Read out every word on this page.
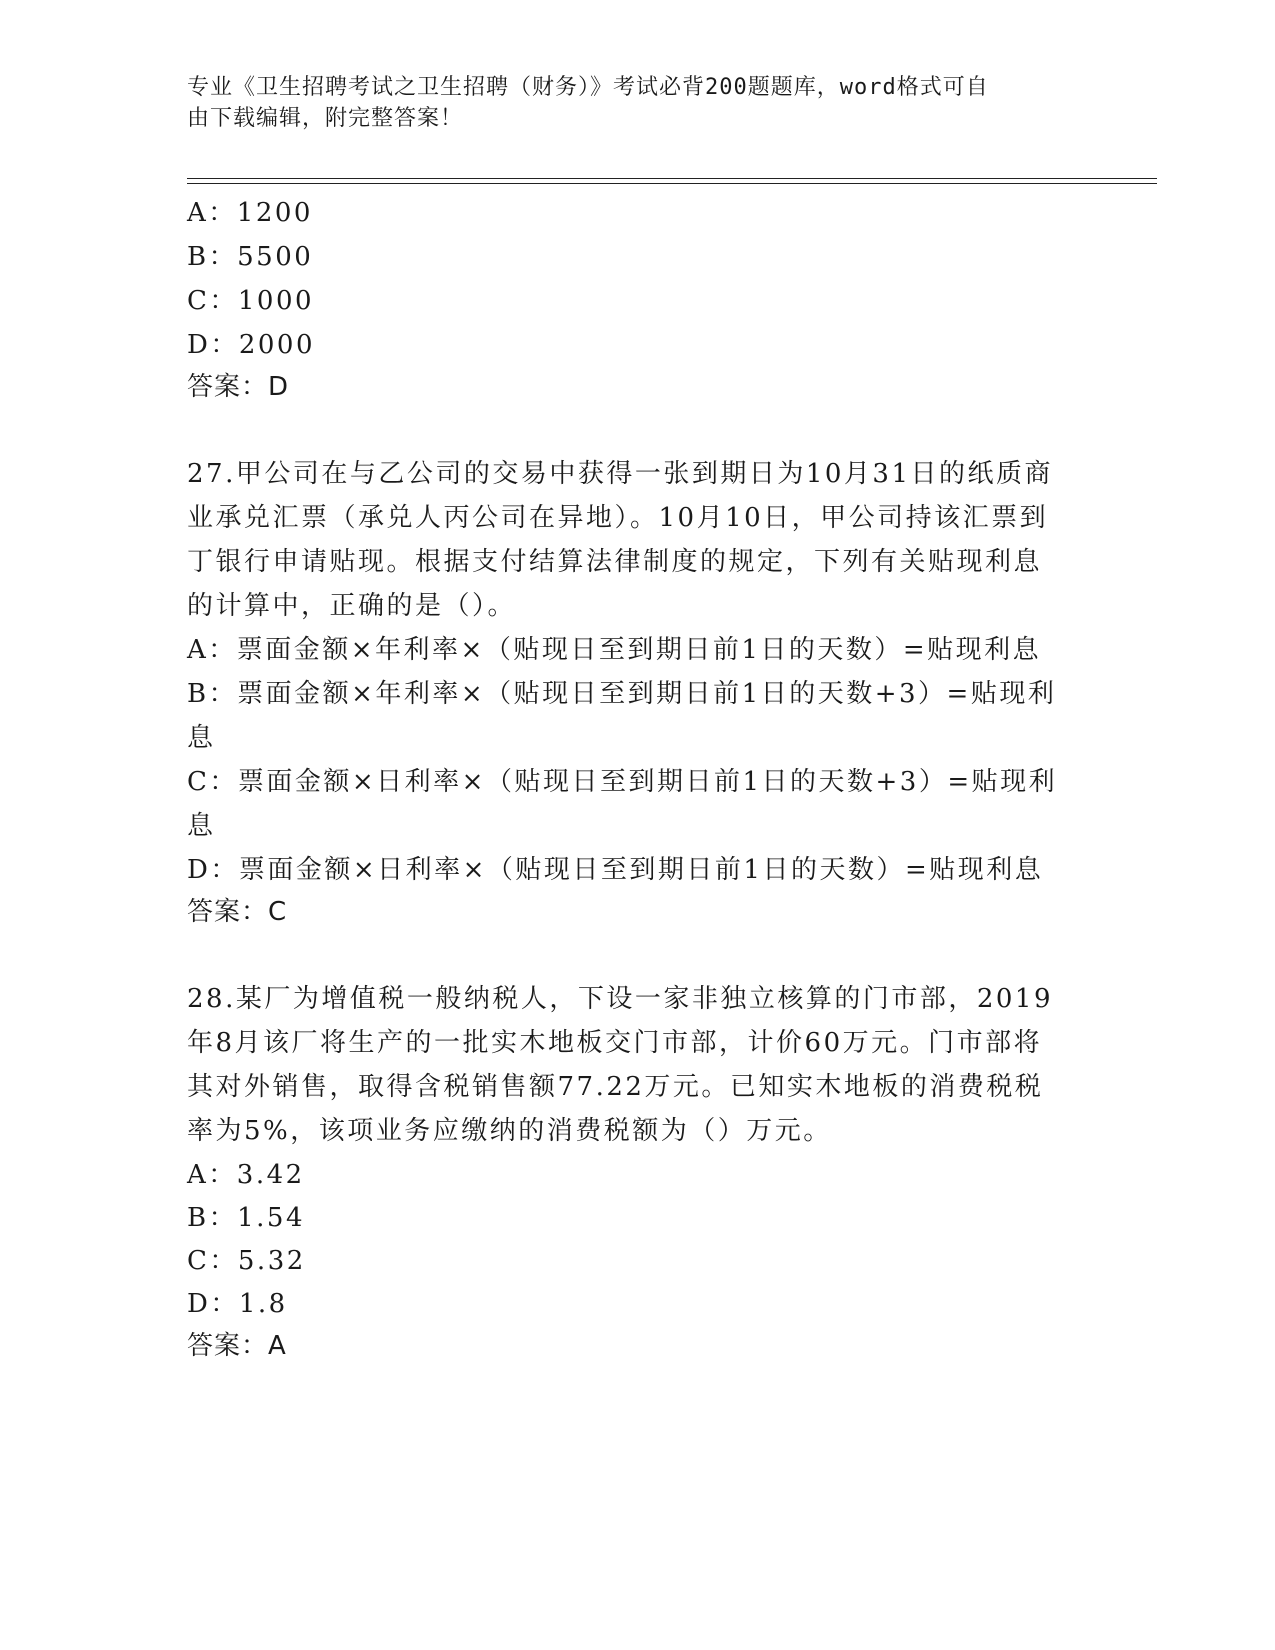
专业《卫生招聘考试之卫生招聘（财务）》考试必背200题题库，word格式可自
由下载编辑，附完整答案！
A：1200
B：5500
C：1000
D：2000
答案：D
27.甲公司在与乙公司的交易中获得一张到期日为10月31日的纸质商
业承兑汇票（承兑人丙公司在异地）。10月10日，甲公司持该汇票到
丁银行申请贴现。根据支付结算法律制度的规定，下列有关贴现利息
的计算中，正确的是（）。
A：票面金额×年利率×（贴现日至到期日前1日的天数）=贴现利息
B：票面金额×年利率×（贴现日至到期日前1日的天数+3）=贴现利
息
C：票面金额×日利率×（贴现日至到期日前1日的天数+3）=贴现利
息
D：票面金额×日利率×（贴现日至到期日前1日的天数）=贴现利息
答案：C
28.某厂为增值税一般纳税人，下设一家非独立核算的门市部，2019
年8月该厂将生产的一批实木地板交门市部，计价60万元。门市部将
其对外销售，取得含税销售额77.22万元。已知实木地板的消费税税
率为5%，该项业务应缴纳的消费税额为（）万元。
A：3.42
B：1.54
C：5.32
D：1.8
答案：A
